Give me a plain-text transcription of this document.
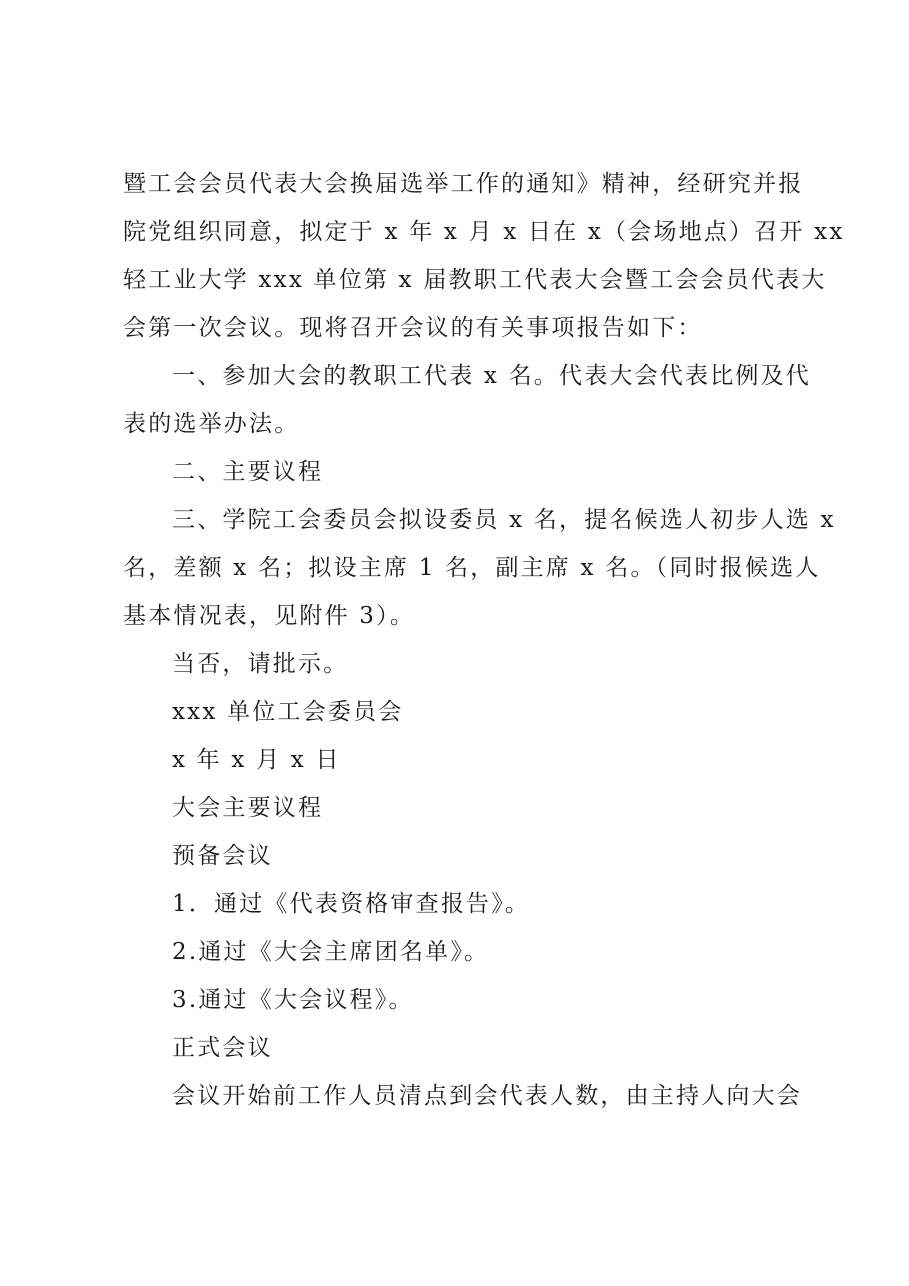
暨工会会员代表大会换届选举工作的通知》精神，经研究并报
院党组织同意，拟定于 x 年 x 月 x 日在 x（会场地点）召开 xx
轻工业大学 xxx 单位第 x 届教职工代表大会暨工会会员代表大
会第一次会议。现将召开会议的有关事项报告如下：
一、参加大会的教职工代表 x 名。代表大会代表比例及代
表的选举办法。
二、主要议程
三、学院工会委员会拟设委员 x 名，提名候选人初步人选 x
名，差额 x 名；拟设主席 1 名，副主席 x 名。（同时报候选人
基本情况表，见附件 3）。
当否，请批示。
xxx 单位工会委员会
x 年 x 月 x 日
大会主要议程
预备会议
1．通过《代表资格审查报告》。
2.通过《大会主席团名单》。
3.通过《大会议程》。
正式会议
会议开始前工作人员清点到会代表人数，由主持人向大会
